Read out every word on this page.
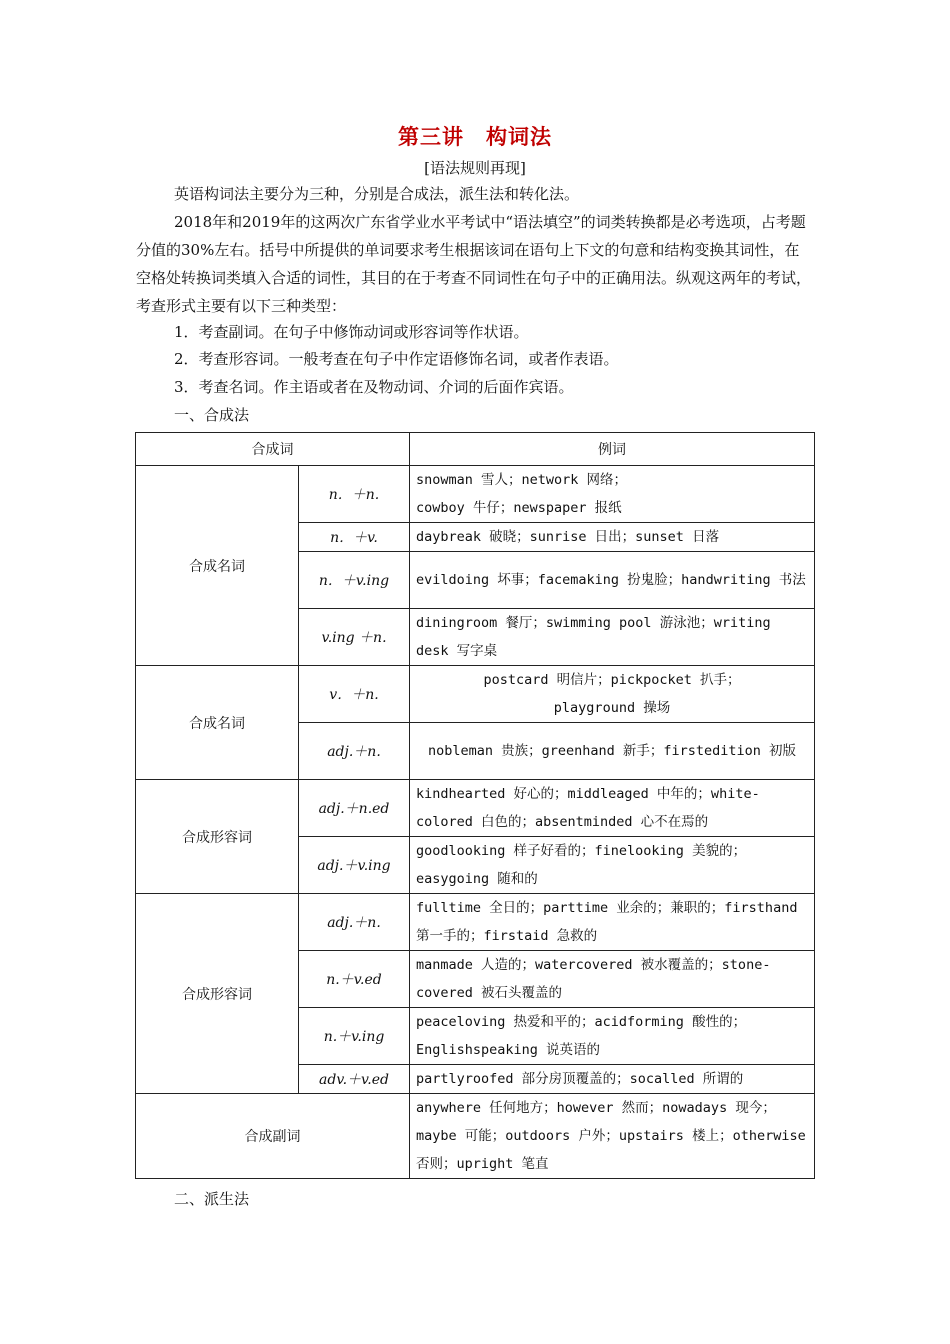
第三讲　构词法
[语法规则再现]
英语构词法主要分为三种，分别是合成法，派生法和转化法。
2018年和2019年的这两次广东省学业水平考试中“语法填空”的词类转换都是必考选项，占考题分值的30%左右。括号中所提供的单词要求考生根据该词在语句上下文的句意和结构变换其词性，在空格处转换词类填入合适的词性，其目的在于考查不同词性在句子中的正确用法。纵观这两年的考试，考查形式主要有以下三种类型：
1．考查副词。在句子中修饰动词或形容词等作状语。
2．考查形容词。一般考查在句子中作定语修饰名词，或者作表语。
3．考查名词。作主语或者在及物动词、介词的后面作宾语。
一、合成法
合成词		例词
合成名词	n．＋n.	snowman 雪人；network 网络；
cowboy 牛仔；newspaper 报纸
	n．＋v.	daybreak 破晓；sunrise 日出；sunset 日落
	n．＋v.ing	evildoing 坏事；facemaking 扮鬼脸；handwriting 书法
	v.ing ＋n.	diningroom 餐厅；swimming pool 游泳池；writing desk 写字桌
合成名词	v．＋n.	postcard 明信片；pickpocket 扒手；
playground 操场
	adj.＋n.	nobleman 贵族；greenhand 新手；firstedition 初版
合成形容词	adj.＋n.ed	kindhearted 好心的；middleaged 中年的；white-colored 白色的；absentminded 心不在焉的
	adj.＋v.ing	goodlooking 样子好看的；finelooking 美貌的；easygoing 随和的
合成形容词	adj.＋n.	fulltime 全日的；parttime 业余的；兼职的；firsthand 第一手的；firstaid 急救的
	n.＋v.ed	manmade 人造的；watercovered 被水覆盖的；stone-covered 被石头覆盖的
	n.＋v.ing	peaceloving 热爱和平的；acidforming 酸性的；Englishspeaking 说英语的
	adv.＋v.ed	partlyroofed 部分房顶覆盖的；socalled 所谓的
合成副词		anywhere 任何地方；however 然而；nowadays 现今；maybe 可能；outdoors 户外；upstairs 楼上；otherwise 否则；upright 笔直
二、派生法
